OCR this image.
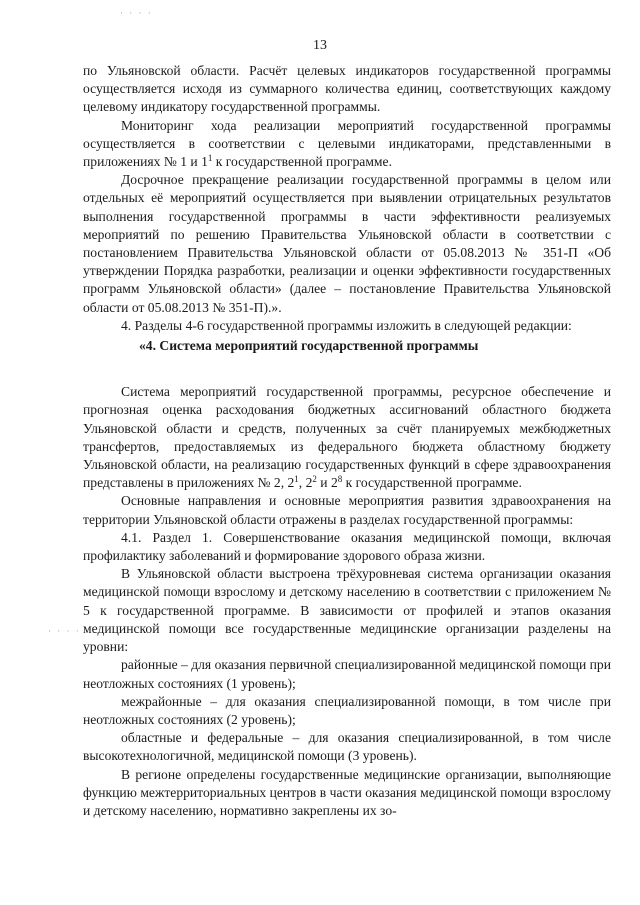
· · · ·
· · · ·
13

по Ульяновской области. Расчёт целевых индикаторов государственной программы осуществляется исходя из суммарного количества единиц, соответствующих каждому целевому индикатору государственной программы.

Мониторинг хода реализации мероприятий государственной программы осуществляется в соответствии с целевыми индикаторами, представленными в приложениях № 1 и $1^1$ к государственной программе.

Досрочное прекращение реализации государственной программы в целом или отдельных её мероприятий осуществляется при выявлении отрицательных результатов выполнения государственной программы в части эффективности реализуемых мероприятий по решению Правительства Ульяновской области в соответствии с постановлением Правительства Ульяновской области от 05.08.2013 № 351-П «Об утверждении Порядка разработки, реализации и оценки эффективности государственных программ Ульяновской области» (далее – постановление Правительства Ульяновской области от 05.08.2013 № 351-П).».

4. Разделы 4-6 государственной программы изложить в следующей редакции:

«4. Система мероприятий государственной программы

Система мероприятий государственной программы, ресурсное обеспечение и прогнозная оценка расходования бюджетных ассигнований областного бюджета Ульяновской области и средств, полученных за счёт планируемых межбюджетных трансфертов, предоставляемых из федерального бюджета областному бюджету Ульяновской области, на реализацию государственных функций в сфере здравоохранения представлены в приложениях № 2, $2^1$, $2^2$ и $2^8$ к государственной программе.

Основные направления и основные мероприятия развития здравоохранения на территории Ульяновской области отражены в разделах государственной программы:

4.1. Раздел 1. Совершенствование оказания медицинской помощи, включая профилактику заболеваний и формирование здорового образа жизни.

В Ульяновской области выстроена трёхуровневая система организации оказания медицинской помощи взрослому и детскому населению в соответствии с приложением № 5 к государственной программе. В зависимости от профилей и этапов оказания медицинской помощи все государственные медицинские организации разделены на уровни:

районные – для оказания первичной специализированной медицинской помощи при неотложных состояниях (1 уровень);

межрайонные – для оказания специализированной помощи, в том числе при неотложных состояниях (2 уровень);

областные и федеральные – для оказания специализированной, в том числе высокотехнологичной, медицинской помощи (3 уровень).

В регионе определены государственные медицинские организации, выполняющие функцию межтерриториальных центров в части оказания медицинской помощи взрослому и детскому населению, нормативно закреплены их зо-
